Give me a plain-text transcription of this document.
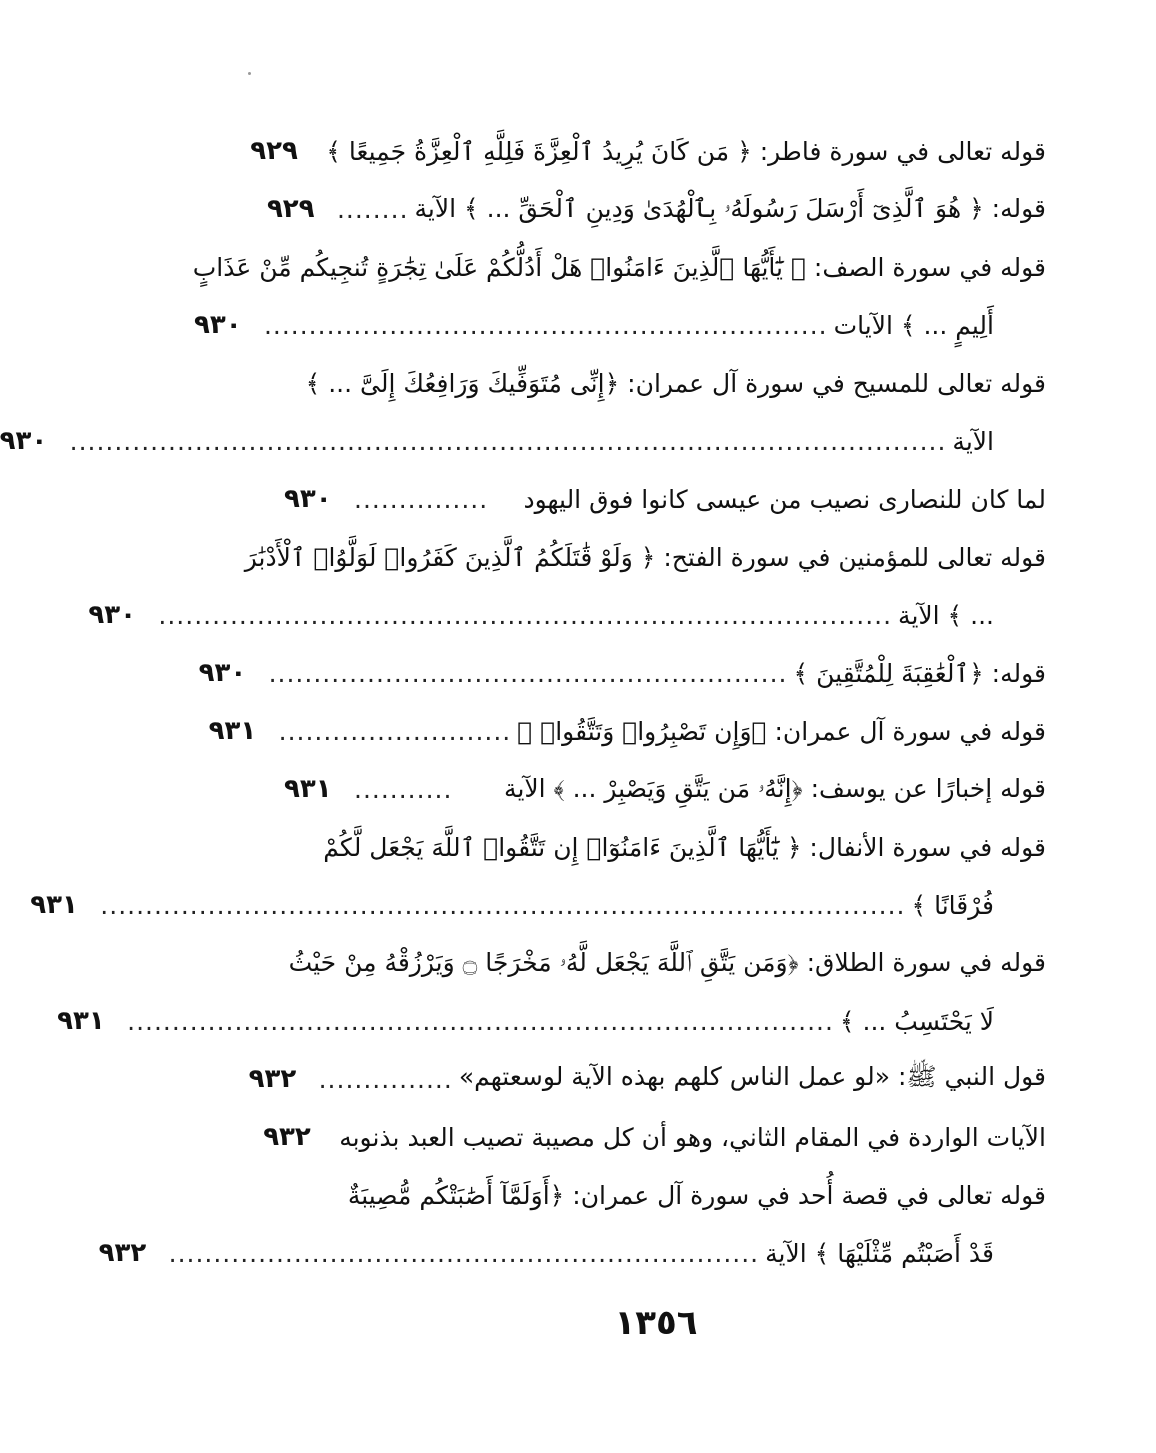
قوله تعالى في سورة فاطر: ﴿ مَن كَانَ يُرِيدُ ٱلْعِزَّةَ فَلِلَّهِ ٱلْعِزَّةُ جَمِيعًا ﴾
٩٢٩
قوله: ﴿ هُوَ ٱلَّذِىٓ أَرْسَلَ رَسُولَهُۥ بِٱلْهُدَىٰ وَدِينِ ٱلْحَقِّ ... ﴾ الآية
........
٩٢٩
قوله في سورة الصف: ﴿ يَٰٓأَيُّهَا ٱلَّذِينَ ءَامَنُوا۟ هَلْ أَدُلُّكُمْ عَلَىٰ تِجَٰرَةٍ تُنجِيكُم مِّنْ عَذَابٍ
أَلِيمٍ ... ﴾ الآيات
...............................................................
٩٣٠
قوله تعالى للمسيح في سورة آل عمران: ﴿إِنِّى مُتَوَفِّيكَ وَرَافِعُكَ إِلَىَّ ... ﴾
الآية
..................................................................................................
٩٣٠
لما كان للنصارى نصيب من عيسى كانوا فوق اليهود
...............
٩٣٠
قوله تعالى للمؤمنين في سورة الفتح: ﴿ وَلَوْ قَٰتَلَكُمُ ٱلَّذِينَ كَفَرُوا۟ لَوَلَّوُا۟ ٱلْأَدْبَٰرَ
... ﴾ الآية
..................................................................................
٩٣٠
قوله: ﴿ٱلْعَٰقِبَةَ لِلْمُتَّقِينَ ﴾
..........................................................
٩٣٠
قوله في سورة آل عمران: ﴿وَإِن تَصْبِرُوا۟ وَتَتَّقُوا۟ ﴾
..........................
٩٣١
قوله إخبارًا عن يوسف: ﴿إِنَّهُۥ مَن يَتَّقِ وَيَصْبِرْ ... ﴾ الآية
...........
٩٣١
قوله في سورة الأنفال: ﴿ يَٰٓأَيُّهَا ٱلَّذِينَ ءَامَنُوٓا۟ إِن تَتَّقُوا۟ ٱللَّهَ يَجْعَل لَّكُمْ
فُرْقَانًا ﴾
..........................................................................................
٩٣١
قوله في سورة الطلاق: ﴿وَمَن يَتَّقِ ٱللَّهَ يَجْعَل لَّهُۥ مَخْرَجًا ۝ وَيَرْزُقْهُ مِنْ حَيْثُ
لَا يَحْتَسِبُ ... ﴾
...............................................................................
٩٣١
قول النبي ﷺ: «لو عمل الناس كلهم بهذه الآية لوسعتهم»
...............
٩٣٢
الآيات الواردة في المقام الثاني، وهو أن كل مصيبة تصيب العبد بذنوبه
٩٣٢
قوله تعالى في قصة أُحد في سورة آل عمران: ﴿أَوَلَمَّآ أَصَٰبَتْكُم مُّصِيبَةٌ
قَدْ أَصَبْتُم مِّثْلَيْهَا ﴾ الآية
..................................................................
٩٣٢
١٣٥٦
